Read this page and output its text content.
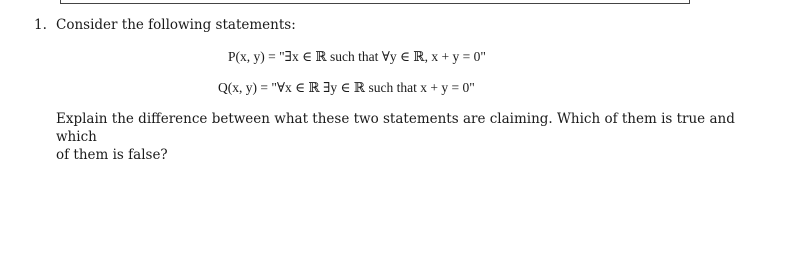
1. Consider the following statements:
P(x, y) = "∃x ∈ ℝ such that ∀y ∈ ℝ, x + y = 0"
Q(x, y) = "∀x ∈ ℝ ∃y ∈ ℝ such that x + y = 0"
Explain the difference between what these two statements are claiming. Which of them is true and which
of them is false?
